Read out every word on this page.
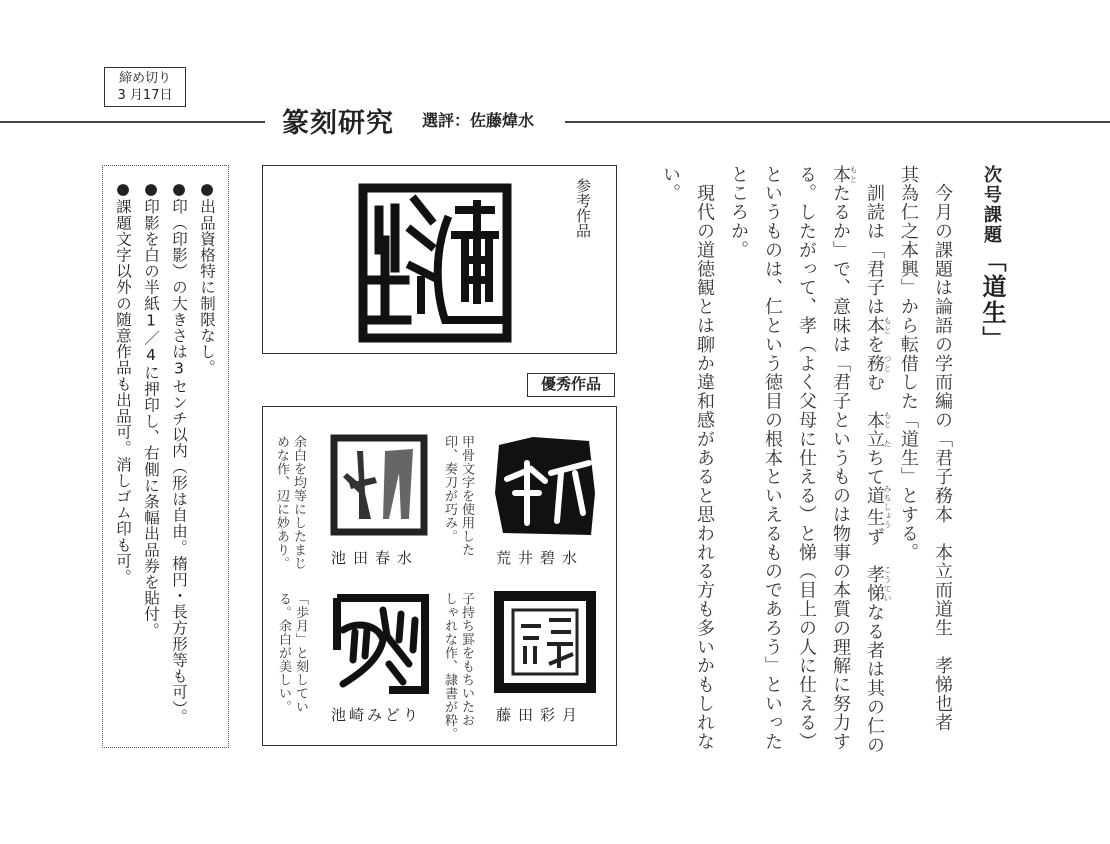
締め切り
3 月17日
篆刻研究 選評：佐藤煒水
次号課題
「道生」
　今月の課題は論語の学而編の「君子務本　本立而道生　孝悌也者
其為仁之本興」から転借した「道生」とする。
　訓読は「君子は本もとを務つとむ　本立もと たちて道生みちしょうず　孝悌こうていなる者は其の仁の
本もとたるか」で、意味は「君子というものは物事の本質の理解に努力す
る。したがって、孝（よく父母に仕える）と悌（目上の人に仕える）
というものは、仁という徳目の根本といえるものであろう」といった
ところか。
　現代の道徳観とは聊か違和感があると思われる方も多いかもしれな
い。
参考作品
優秀作品
荒井碧水
甲骨文字を使用した
印、奏刀が巧み。
池田春水
余白を均等にしたまじ
めな作、辺に妙あり。
藤田彩月
子持ち罫をもちいたお
しゃれな作、隷書が粋。
池崎みどり
「歩月」と刻してい
る。余白が美しい。
●出品資格特に制限なし。
●印（印影）の大きさは3センチ以内（形は自由。楕円・長方形等も可）。
●印影を白の半紙1／4に押印し、右側に条幅出品券を貼付。
●課題文字以外の随意作品も出品可。消しゴム印も可。
